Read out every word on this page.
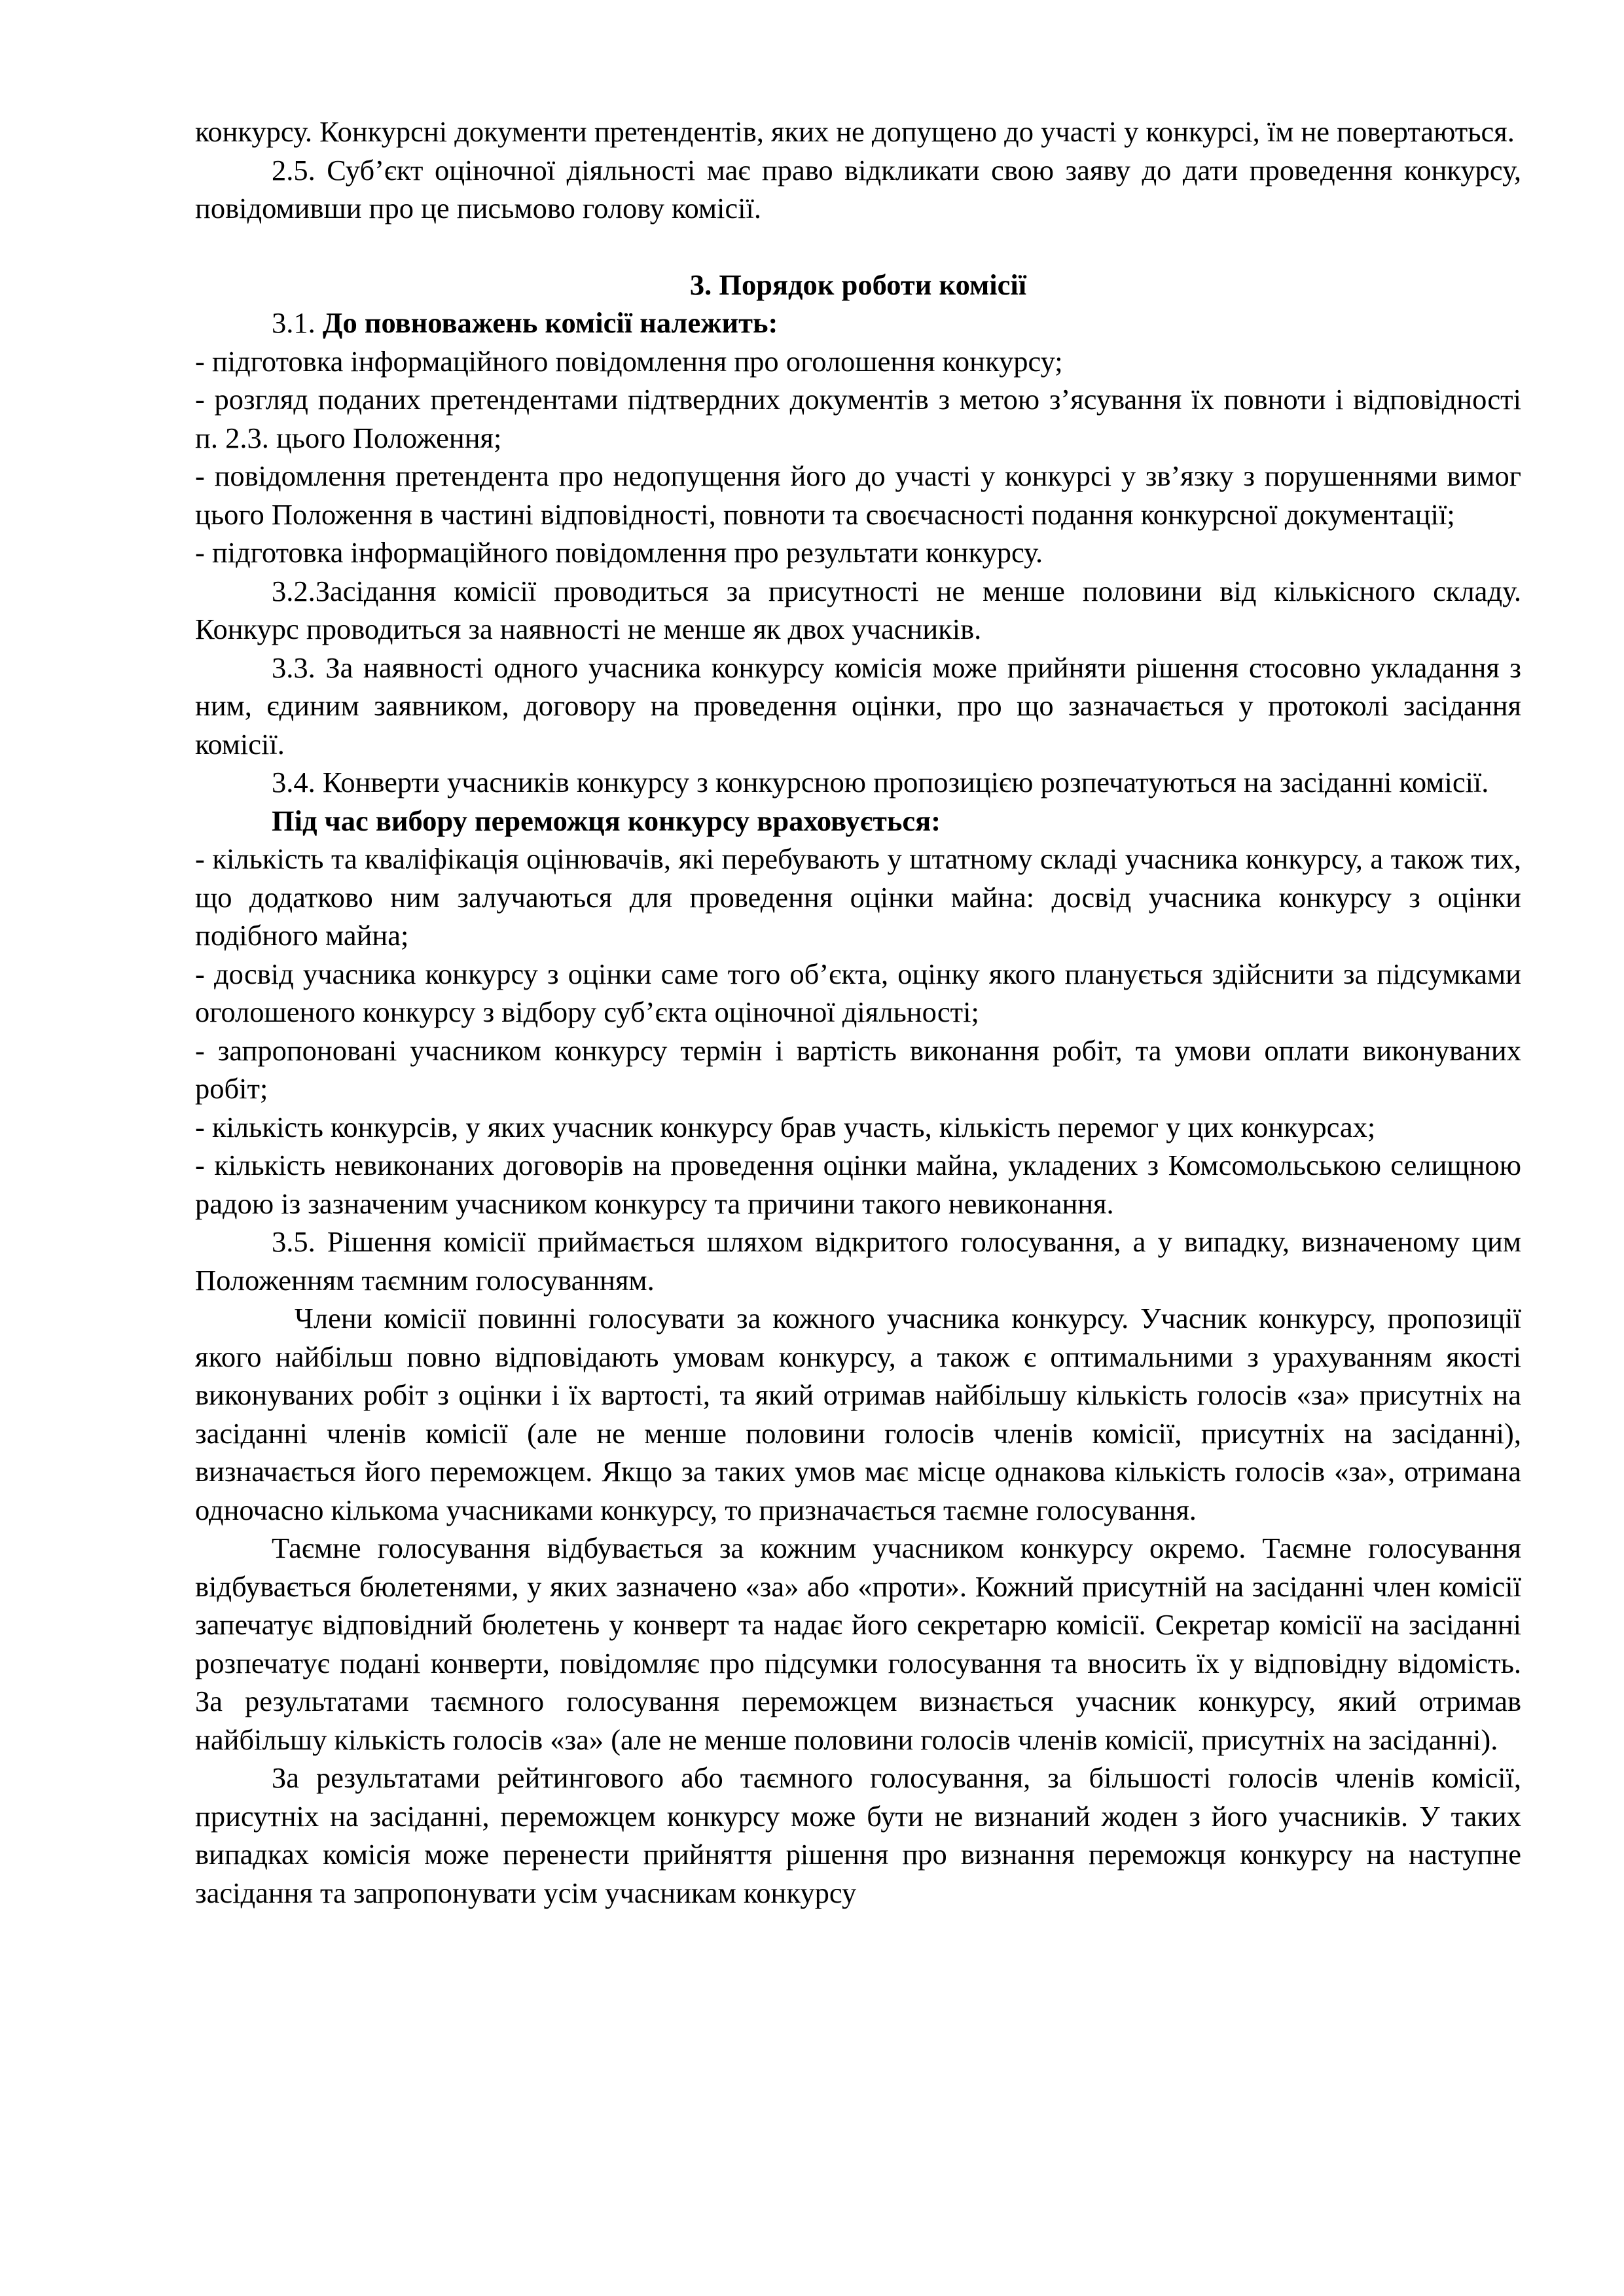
конкурсу. Конкурсні документи претендентів, яких не допущено до участі у конкурсі, їм не повертаються.

2.5. Суб’єкт оціночної діяльності має право відкликати свою заяву до дати проведення конкурсу, повідомивши про це письмово голову комісії.

3. Порядок роботи комісії

3.1. До повноважень комісії належить:

- підготовка інформаційного повідомлення про оголошення конкурсу;

- розгляд поданих претендентами підтвердних документів з метою з’ясування їх повноти і відповідності п. 2.3. цього Положення;

- повідомлення претендента про недопущення його до участі у конкурсі у зв’язку з порушеннями вимог цього Положення в частині відповідності, повноти та своєчасності подання конкурсної документації;

- підготовка інформаційного повідомлення про результати конкурсу.

3.2.Засідання комісії проводиться за присутності не менше половини від кількісного складу. Конкурс проводиться за наявності не менше як двох учасників.

3.3. За наявності одного учасника конкурсу комісія може прийняти рішення стосовно укладання з ним, єдиним заявником, договору на проведення оцінки, про що зазначається у протоколі засідання комісії.

3.4. Конверти учасників конкурсу з конкурсною пропозицією розпечатуються на засіданні комісії.

Під час вибору переможця конкурсу враховується:

- кількість та кваліфікація оцінювачів, які перебувають у штатному складі учасника конкурсу, а також тих, що додатково ним залучаються для проведення оцінки майна: досвід учасника конкурсу з оцінки подібного майна;

- досвід учасника конкурсу з оцінки саме того об’єкта, оцінку якого планується здійснити за підсумками оголошеного конкурсу з відбору суб’єкта оціночної діяльності;

- запропоновані учасником конкурсу термін і вартість виконання робіт, та умови оплати виконуваних робіт;

- кількість конкурсів, у яких учасник конкурсу брав участь, кількість перемог у цих конкурсах;

- кількість невиконаних договорів на проведення оцінки майна, укладених з Комсомольською селищною радою із зазначеним учасником конкурсу та причини такого невиконання.

3.5. Рішення комісії приймається шляхом відкритого голосування, а у випадку, визначеному цим Положенням таємним голосуванням.

Члени комісії повинні голосувати за кожного учасника конкурсу. Учасник конкурсу, пропозиції якого найбільш повно відповідають умовам конкурсу, а також є оптимальними з урахуванням якості виконуваних робіт з оцінки і їх вартості, та який отримав найбільшу кількість голосів «за» присутніх на засіданні членів комісії (але не менше половини голосів членів комісії, присутніх на засіданні), визначається його переможцем. Якщо за таких умов має місце однакова кількість голосів «за», отримана одночасно кількома учасниками конкурсу, то призначається таємне голосування.

Таємне голосування відбувається за кожним учасником конкурсу окремо. Таємне голосування відбувається бюлетенями, у яких зазначено «за» або «проти». Кожний присутній на засіданні член комісії запечатує відповідний бюлетень у конверт та надає його секретарю комісії. Секретар комісії на засіданні розпечатує подані конверти, повідомляє про підсумки голосування та вносить їх у відповідну відомість. За результатами таємного голосування переможцем визнається учасник конкурсу, який отримав найбільшу кількість голосів «за» (але не менше половини голосів членів комісії, присутніх на засіданні).

За результатами рейтингового або таємного голосування, за більшості голосів членів комісії, присутніх на засіданні, переможцем конкурсу може бути не визнаний жоден з його учасників. У таких випадках комісія може перенести прийняття рішення про визнання переможця конкурсу на наступне засідання та запропонувати усім учасникам конкурсу
